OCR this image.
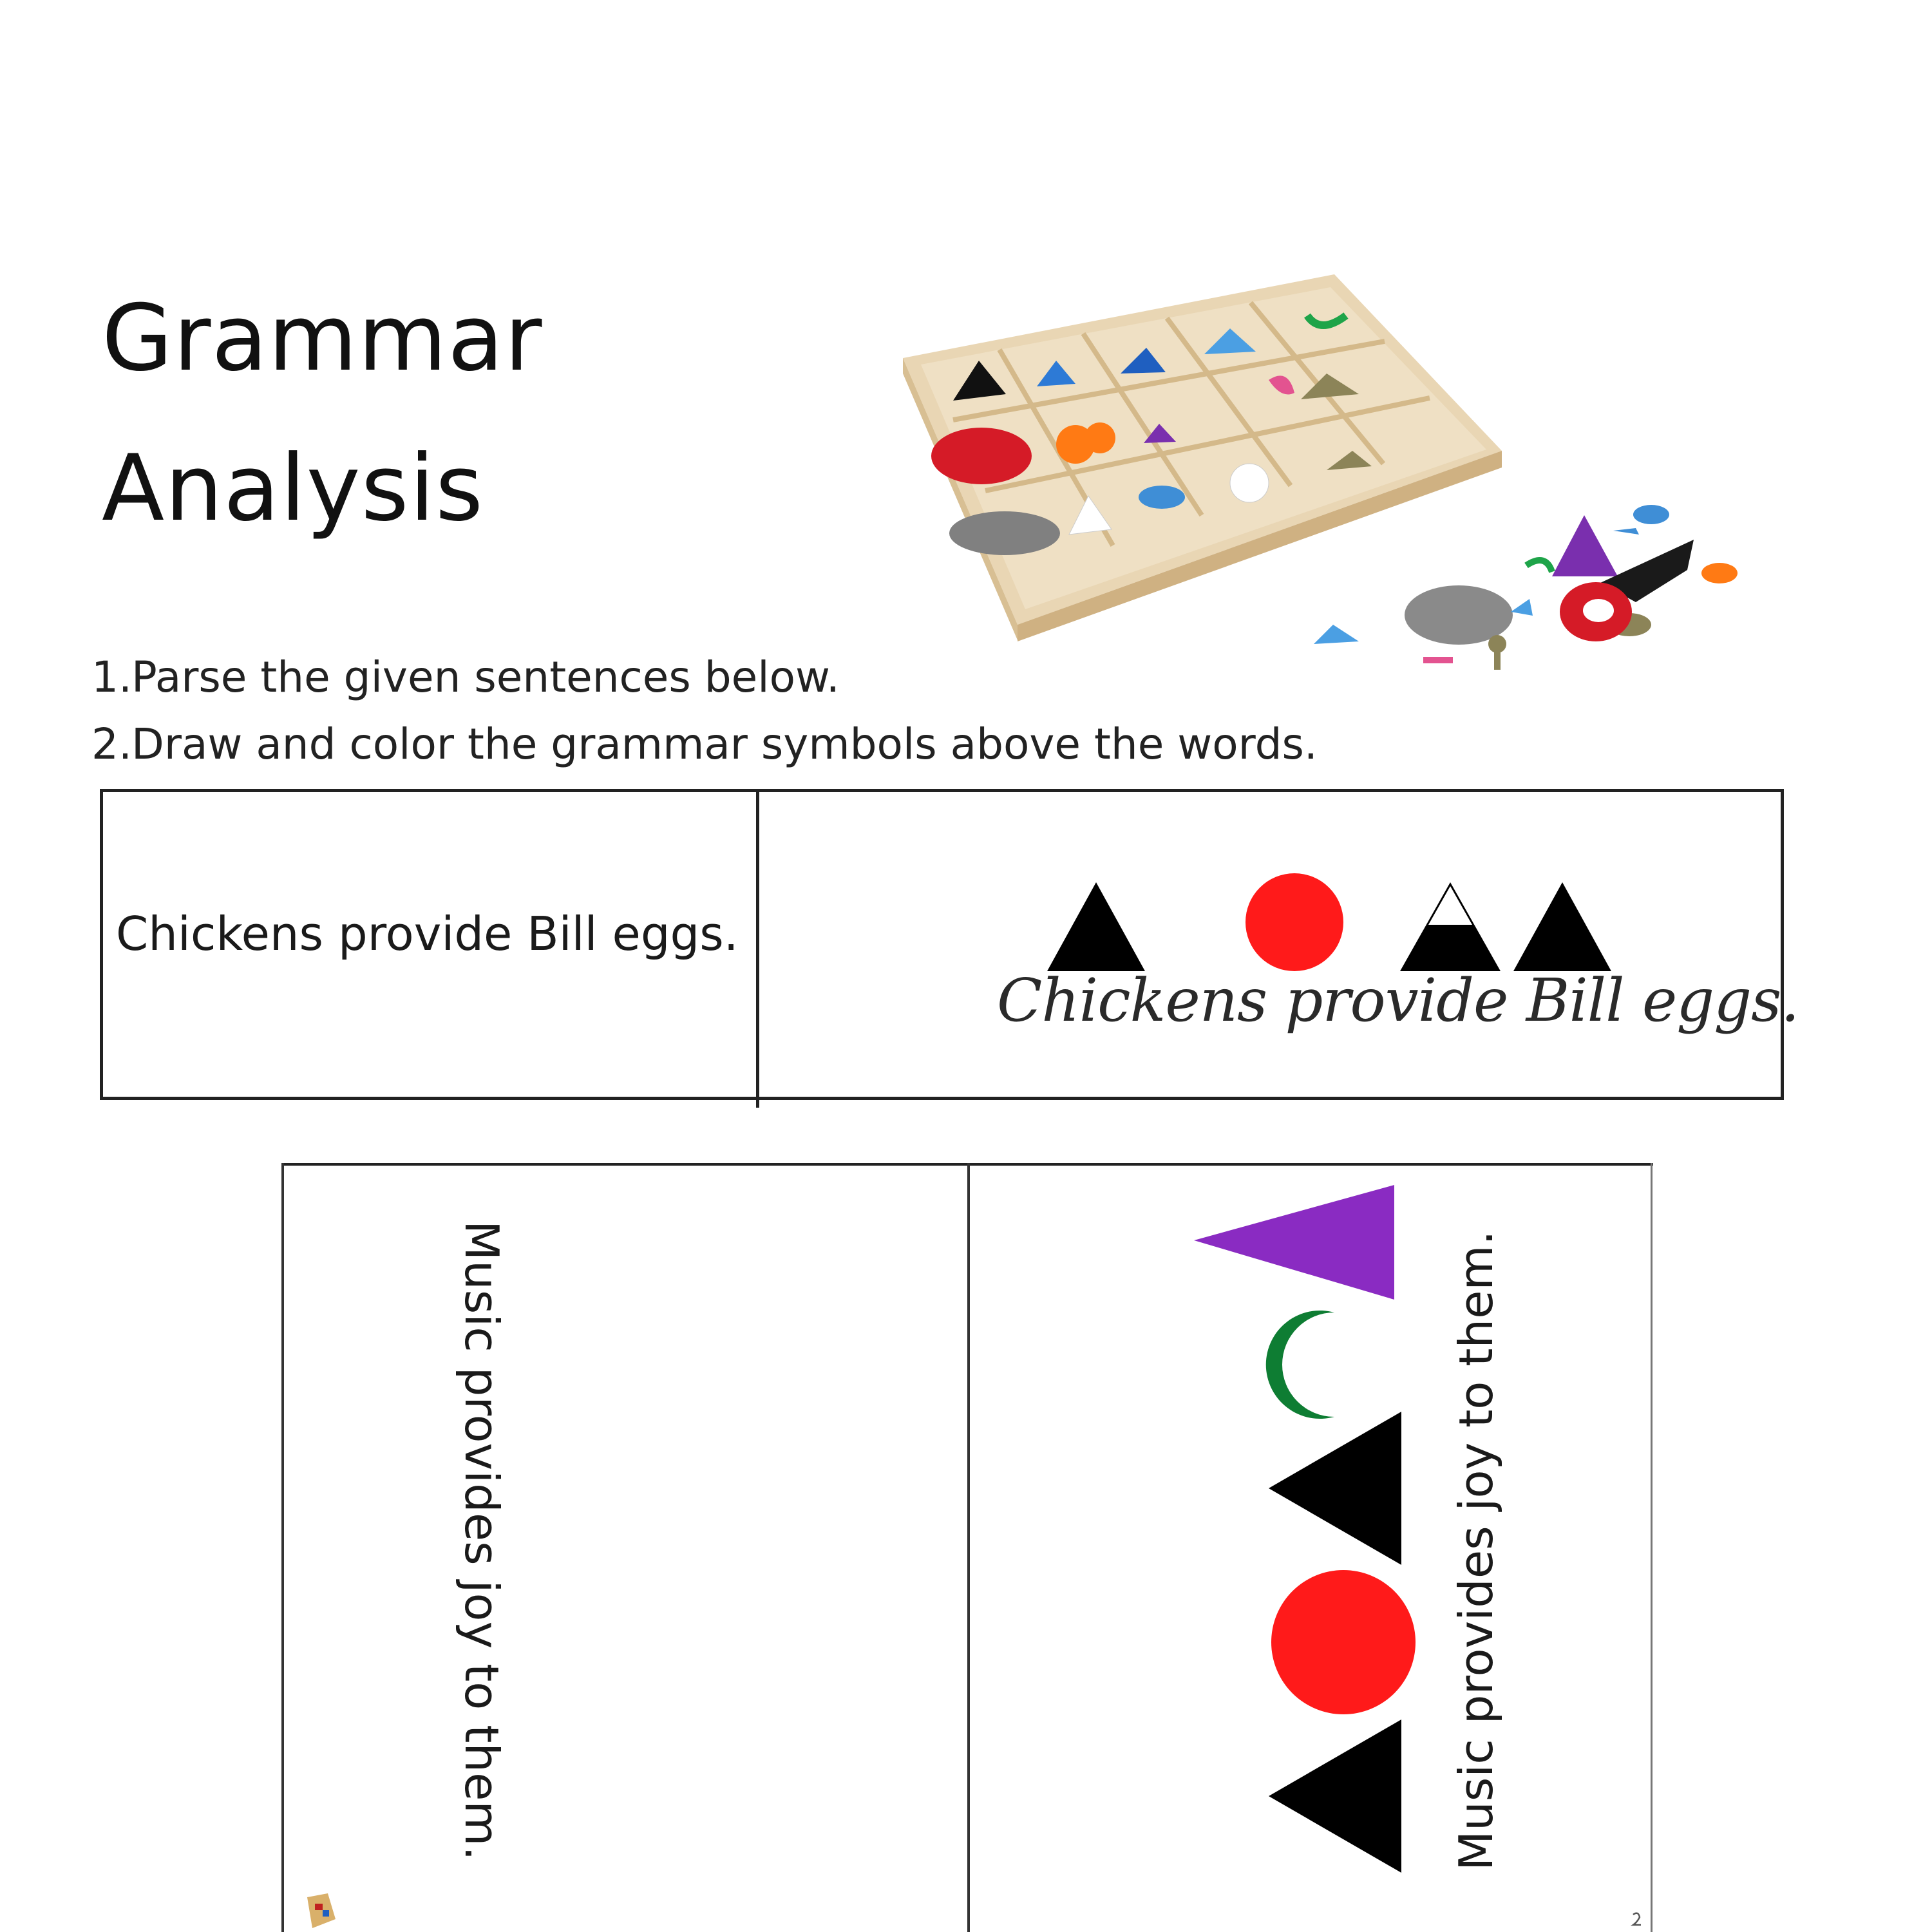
Grammar
Analysis
1.Parse the given sentences below.
2.Draw and color the grammar symbols above the words.
Chickens provide Bill eggs.
Chickens provide Bill eggs.
Music provides joy to them.	Music provides joy to them.
